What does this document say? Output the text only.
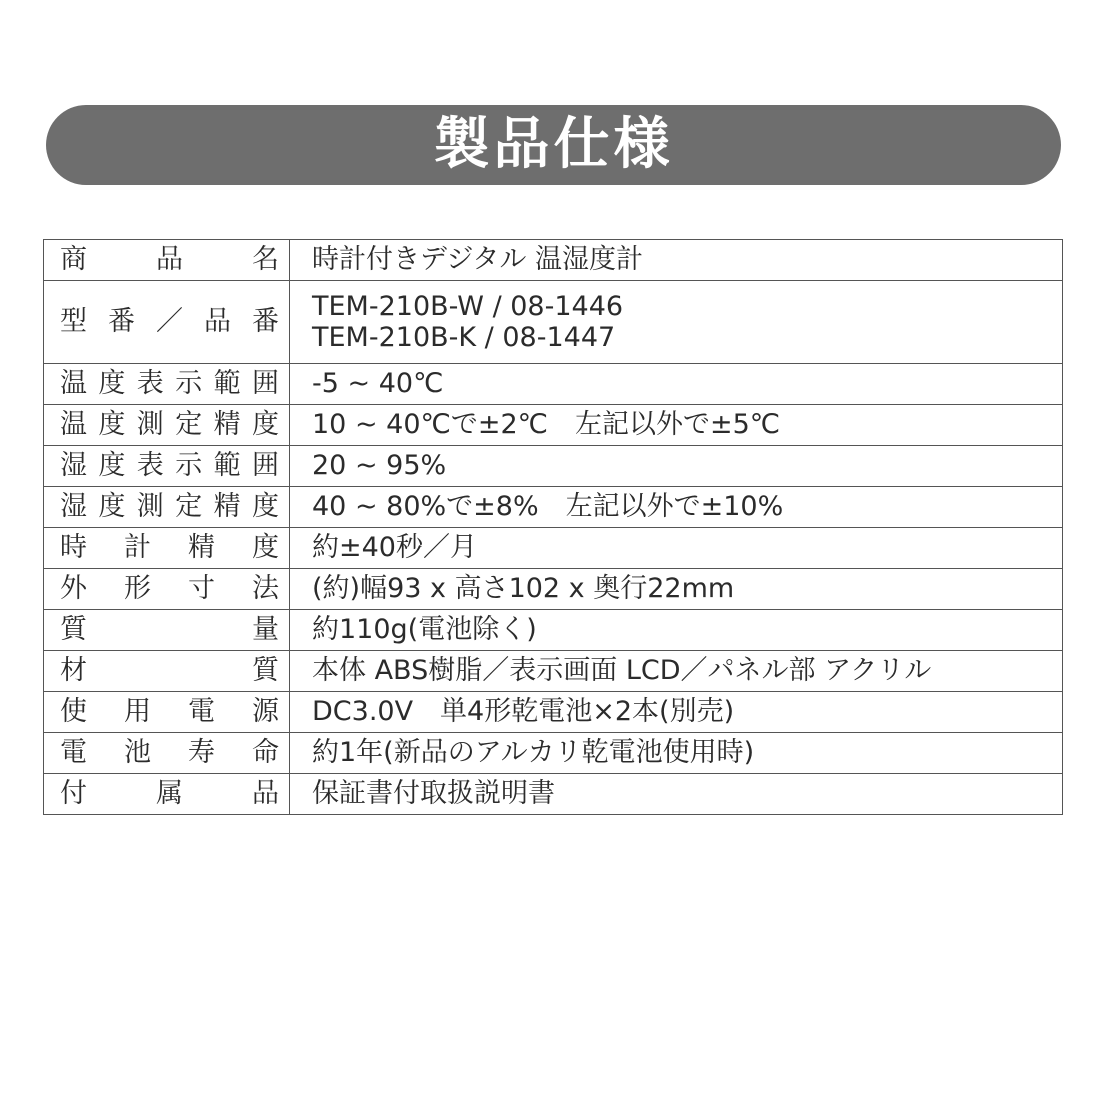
製品仕様
商品名	時計付きデジタル 温湿度計

型番／品番	TEM-210B-W / 08-1446
TEM-210B-K / 08-1447

温度表示範囲	-5 ~ 40℃

温度測定精度	10 ~ 40℃で±2℃　左記以外で±5℃

湿度表示範囲	20 ~ 95%

湿度測定精度	40 ~ 80%で±8%　左記以外で±10%

時計精度	約±40秒／月

外形寸法	(約)幅93 x 高さ102 x 奥行22mm

質量	約110g(電池除く)

材質	本体 ABS樹脂／表示画面 LCD／パネル部 アクリル

使用電源	DC3.0V　単4形乾電池×2本(別売)

電池寿命	約1年(新品のアルカリ乾電池使用時)

付属品	保証書付取扱説明書
